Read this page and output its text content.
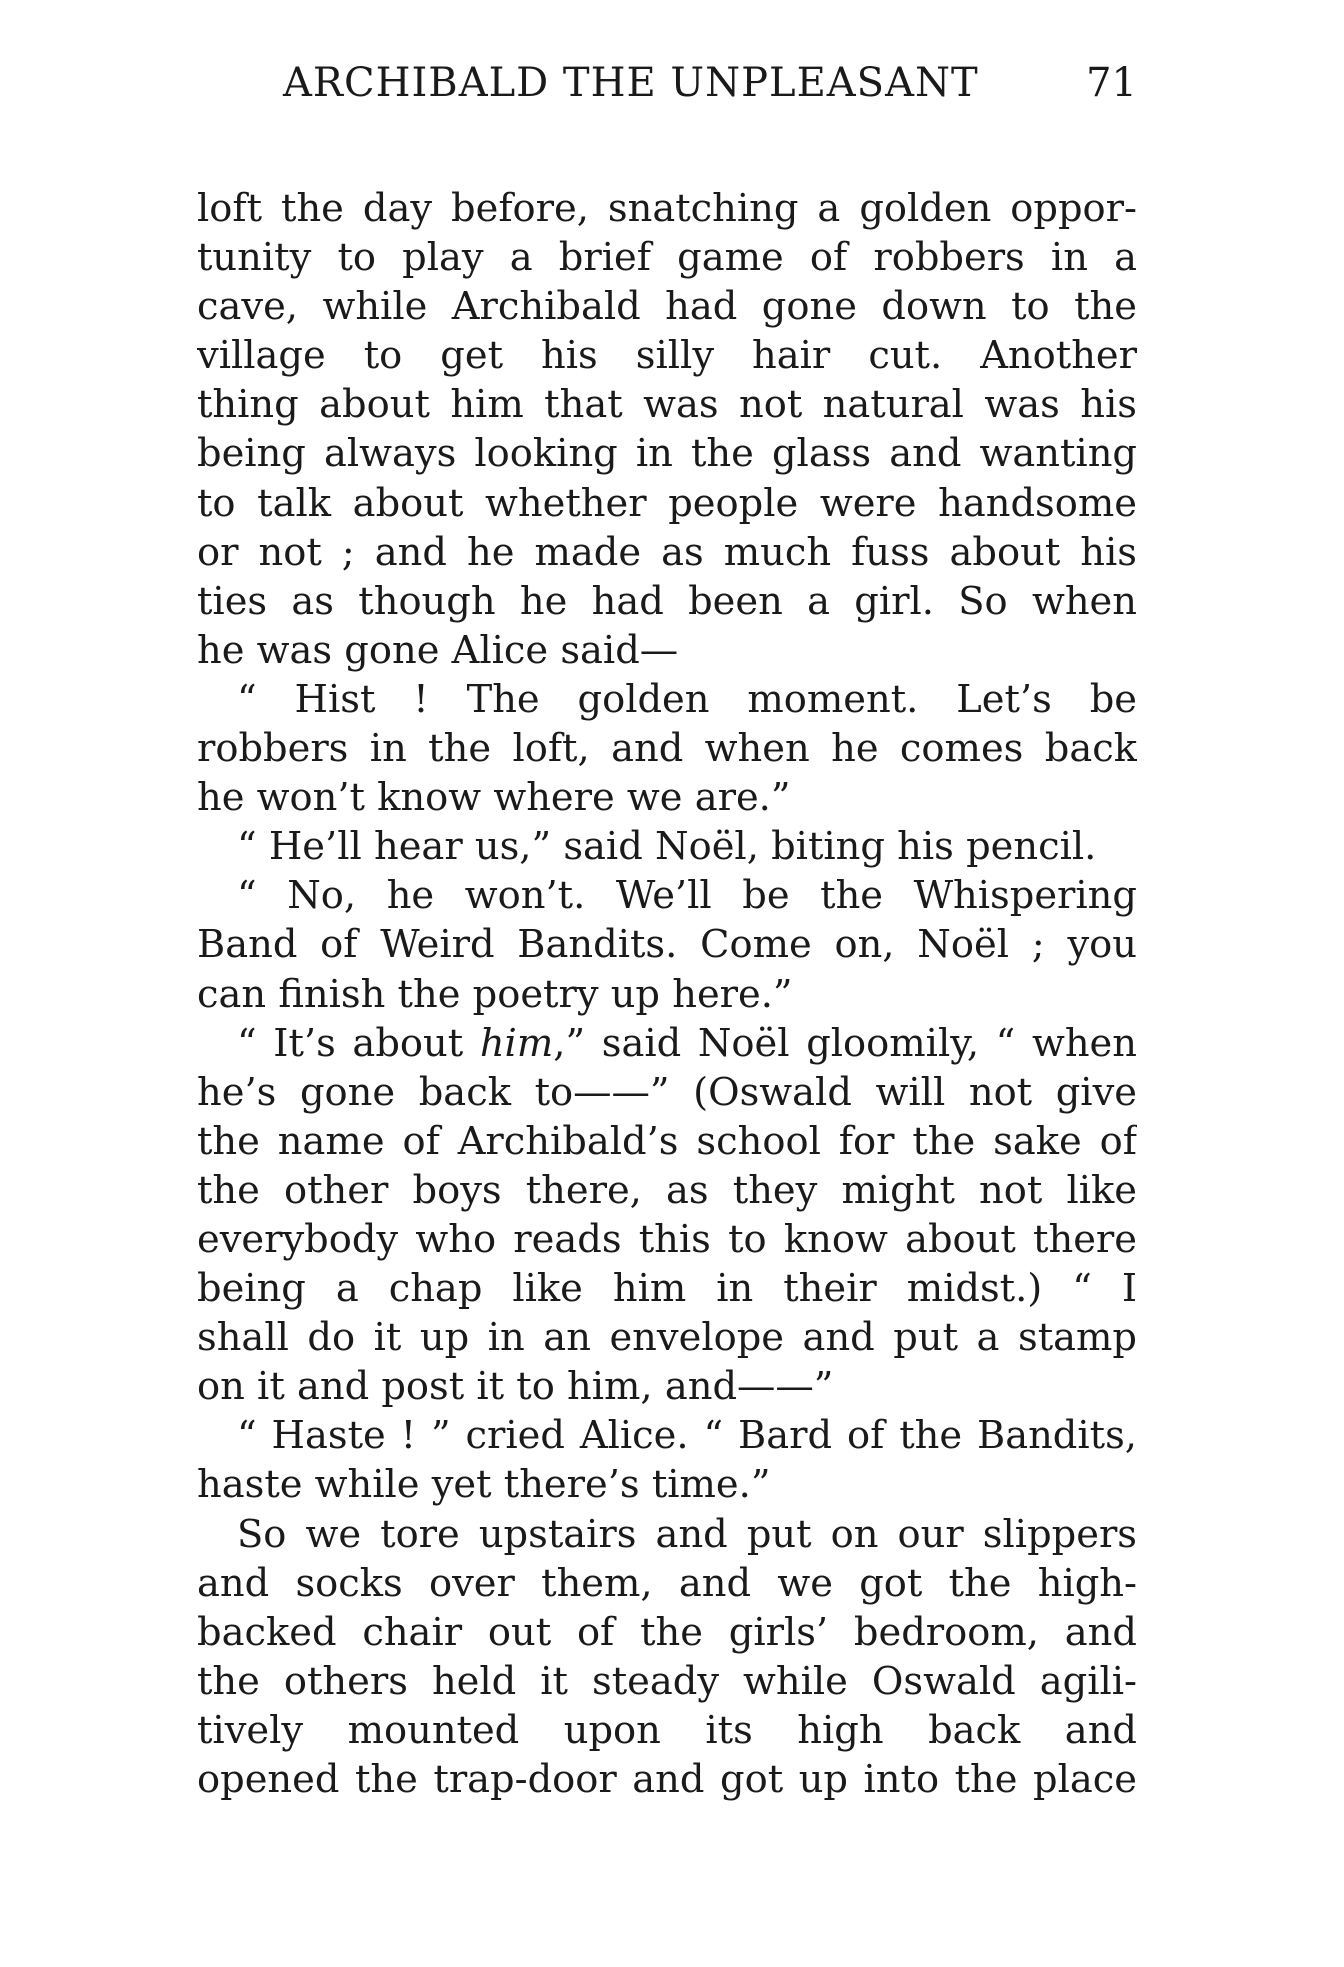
ARCHIBALD THE UNPLEASANT	71
loft the day before, snatching a golden oppor-
tunity to play a brief game of robbers in a
cave, while Archibald had gone down to the
village to get his silly hair cut. Another
thing about him that was not natural was his
being always looking in the glass and wanting
to talk about whether people were handsome
or not ; and he made as much fuss about his
ties as though he had been a girl. So when
he was gone Alice said—
“ Hist ! The golden moment. Let’s be
robbers in the loft, and when he comes back
he won’t know where we are.”
“ He’ll hear us,” said Noël, biting his pencil.
“ No, he won’t. We’ll be the Whispering
Band of Weird Bandits. Come on, Noël ; you
can finish the poetry up here.”
“ It’s about him,” said Noël gloomily, “ when
he’s gone back to——” (Oswald will not give
the name of Archibald’s school for the sake of
the other boys there, as they might not like
everybody who reads this to know about there
being a chap like him in their midst.) “ I
shall do it up in an envelope and put a stamp
on it and post it to him, and——”
“ Haste ! ” cried Alice. “ Bard of the Bandits,
haste while yet there’s time.”
So we tore upstairs and put on our slippers
and socks over them, and we got the high-
backed chair out of the girls’ bedroom, and
the others held it steady while Oswald agili-
tively mounted upon its high back and
opened the trap-door and got up into the place
